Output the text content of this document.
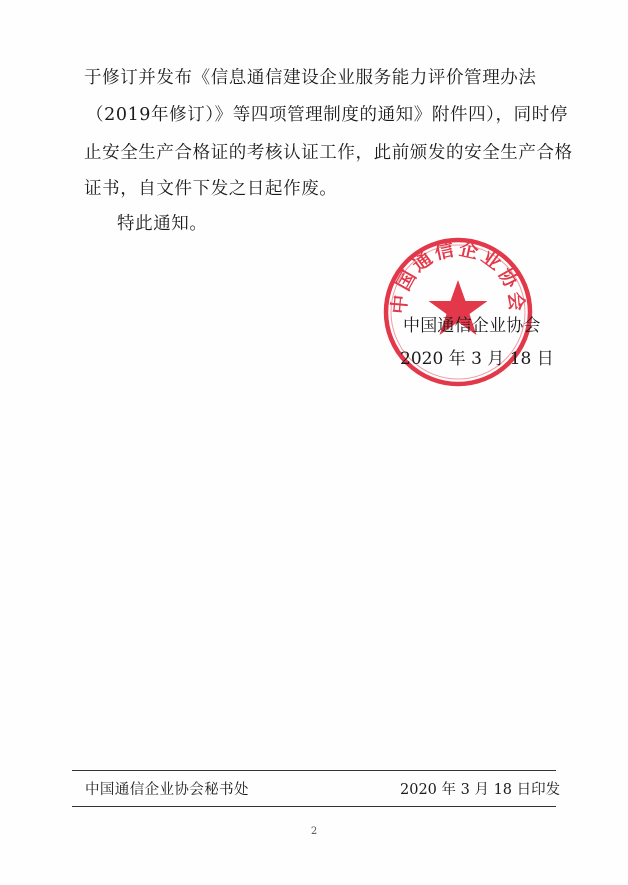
于修订并发布《信息通信建设企业服务能力评价管理办法
（2019年修订）》等四项管理制度的通知》附件四），同时停
止安全生产合格证的考核认证工作，此前颁发的安全生产合格
证书，自文件下发之日起作废。
特此通知。
中国通信企业协会
中国通信企业协会
2020 年 3 月 18 日
中国通信企业协会秘书处	2020 年 3 月 18 日印发
2
